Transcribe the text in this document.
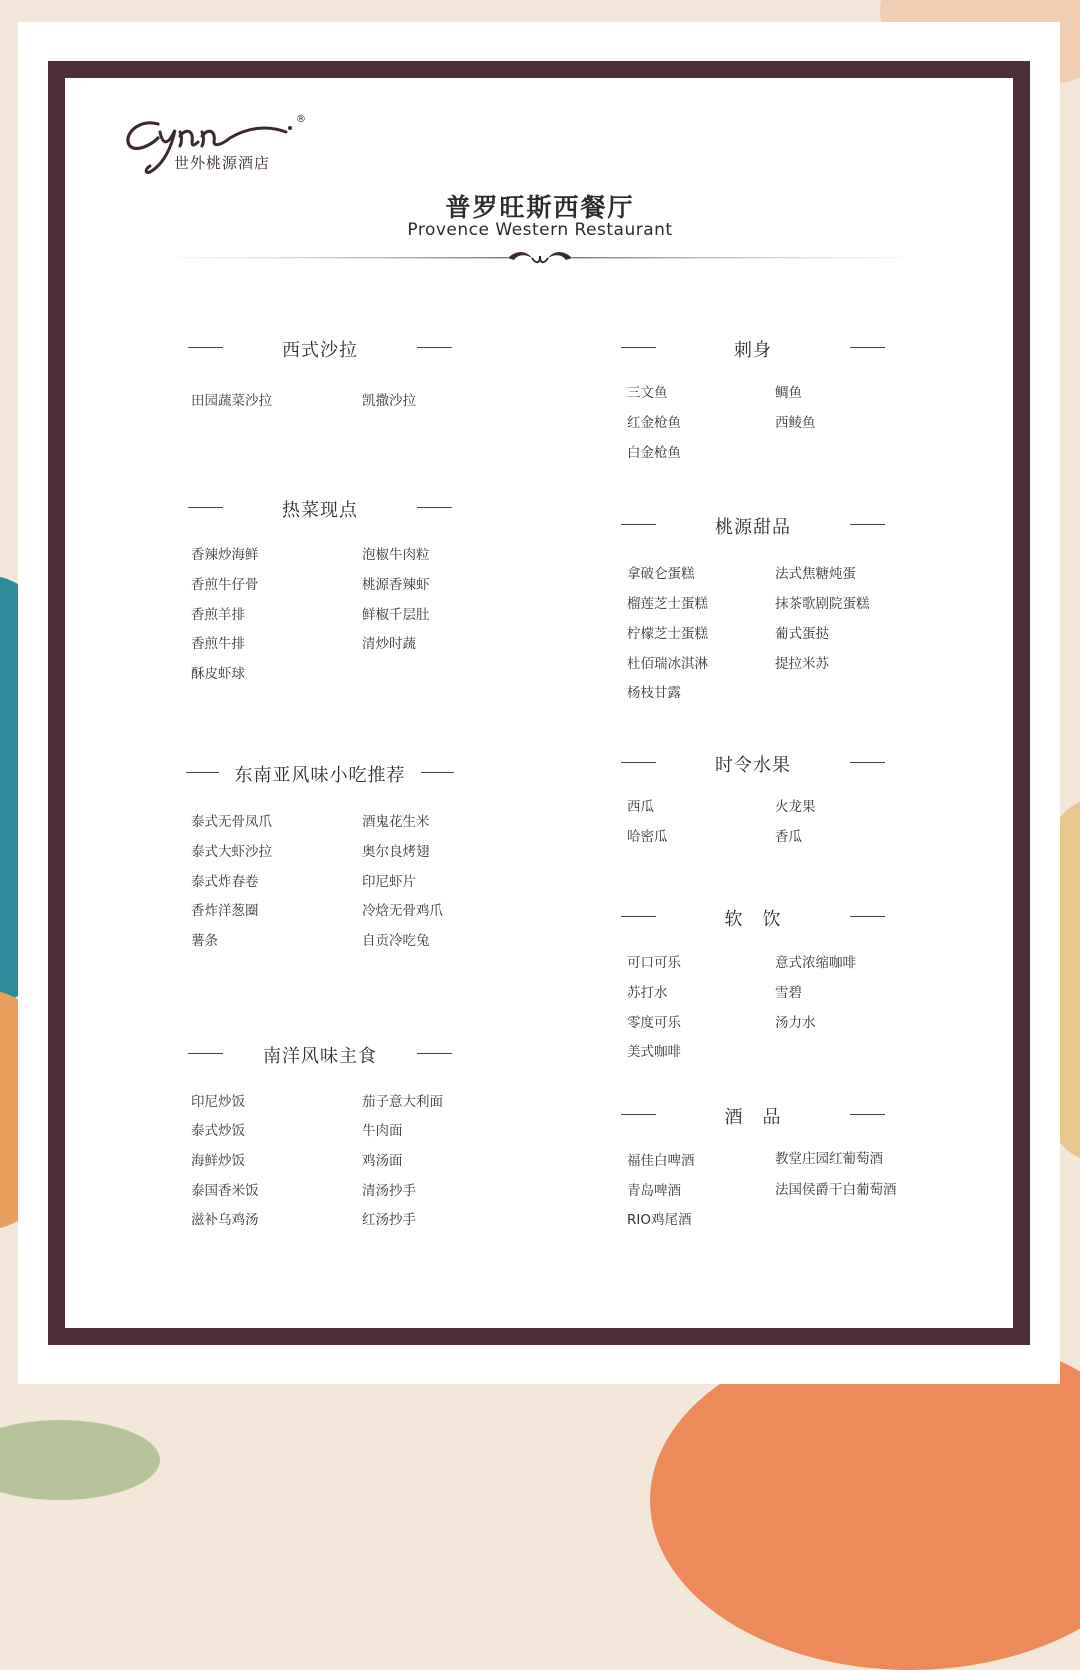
®
世外桃源酒店
普罗旺斯西餐厅
Provence Western Restaurant
西式沙拉
田园蔬菜沙拉	凯撒沙拉
热菜现点
香辣炒海鲜	泡椒牛肉粒
香煎牛仔骨	桃源香辣虾
香煎羊排	鲜椒千层肚
香煎牛排	清炒时蔬
酥皮虾球
东南亚风味小吃推荐
泰式无骨凤爪	酒鬼花生米
泰式大虾沙拉	奥尔良烤翅
泰式炸春卷	印尼虾片
香炸洋葱圈	冷焓无骨鸡爪
薯条	自贡冷吃兔
南洋风味主食
印尼炒饭	茄子意大利面
泰式炒饭	牛肉面
海鲜炒饭	鸡汤面
泰国香米饭	清汤抄手
滋补乌鸡汤	红汤抄手
刺身
三文鱼	鲷鱼
红金枪鱼	西鲮鱼
白金枪鱼
桃源甜品
拿破仑蛋糕	法式焦糖炖蛋
榴莲芝士蛋糕	抹茶歌剧院蛋糕
柠檬芝士蛋糕	葡式蛋挞
杜佰瑞冰淇淋	提拉米苏
杨枝甘露
时令水果
西瓜	火龙果
哈密瓜	香瓜
软　饮
可口可乐	意式浓缩咖啡
苏打水	雪碧
零度可乐	汤力水
美式咖啡
酒　品
福佳白啤酒	教堂庄园红葡萄酒
青岛啤酒	法国侯爵干白葡萄酒
RIO鸡尾酒
